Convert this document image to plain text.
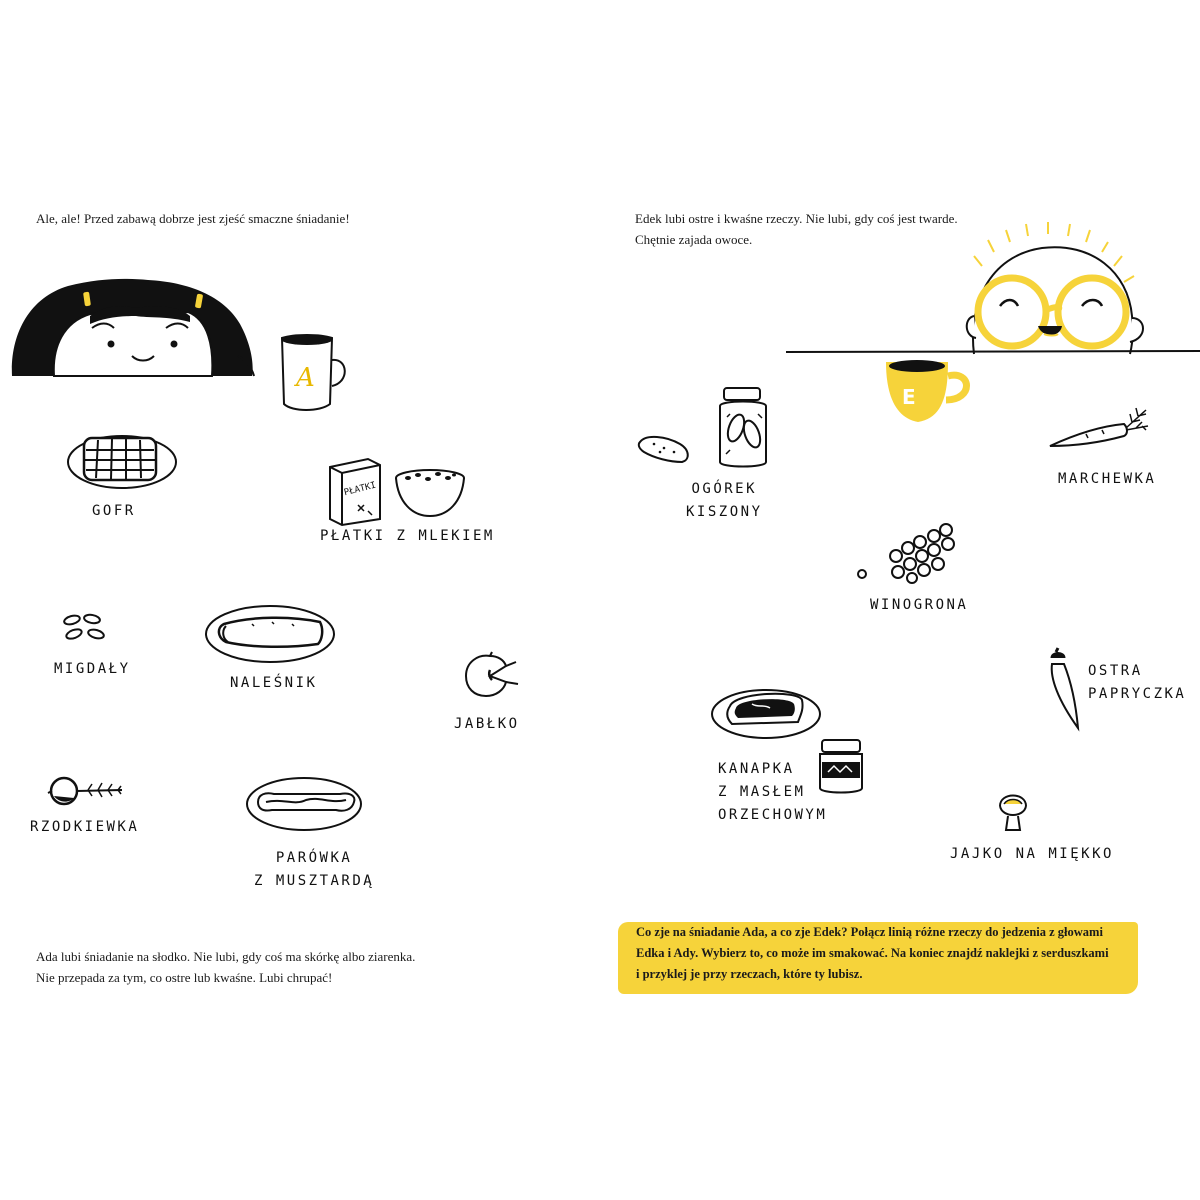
Ale, ale! Przed zabawą dobrze jest zjeść smaczne śniadanie!
A
GOFR
PŁATKI
PŁATKI Z MLEKIEM
MIGDAŁY
NALEŚNIK
JABŁKO
RZODKIEWKA
PARÓWKA
Z MUSZTARDĄ
Ada lubi śniadanie na słodko. Nie lubi, gdy coś ma skórkę albo ziarenka.
Nie przepada za tym, co ostre lub kwaśne. Lubi chrupać!
Edek lubi ostre i kwaśne rzeczy. Nie lubi, gdy coś jest twarde.
Chętnie zajada owoce.
E
OGÓREK
KISZONY
MARCHEWKA
WINOGRONA
OSTRA
PAPRYCZKA
KANAPKA
Z MASŁEM
ORZECHOWYM
JAJKO NA MIĘKKO
Co zje na śniadanie Ada, a co zje Edek? Połącz linią różne rzeczy do jedzenia z głowami
Edka i Ady. Wybierz to, co może im smakować. Na koniec znajdź naklejki z serduszkami
i przyklej je przy rzeczach, które ty lubisz.
